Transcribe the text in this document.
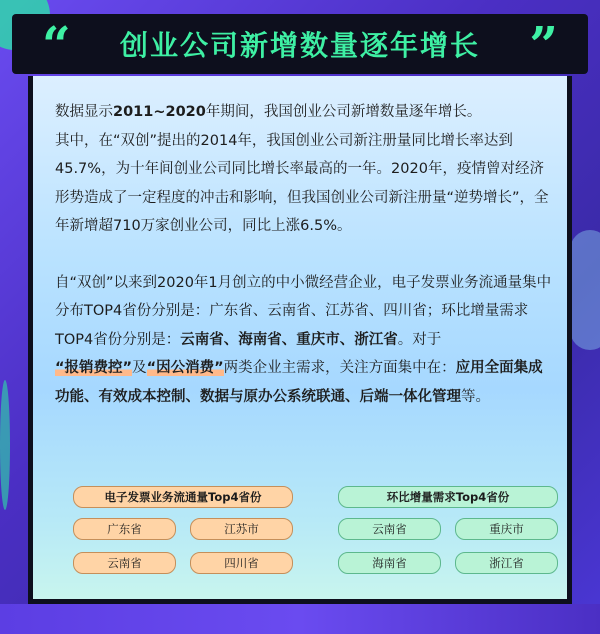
“ 创业公司新增数量逐年增长 ”

数据显示2011~2020年期间，我国创业公司新增数量逐年增长。
其中，在“双创”提出的2014年，我国创业公司新注册量同比增长率达到45.7%，为十年间创业公司同比增长率最高的一年。2020年，疫情曾对经济形势造成了一定程度的冲击和影响，但我国创业公司新注册量“逆势增长”，全年新增超710万家创业公司，同比上涨6.5%。

自“双创”以来到2020年1月创立的中小微经营企业，电子发票业务流通量集中分布TOP4省份分别是：广东省、云南省、江苏省、四川省；环比增量需求TOP4省份分别是：云南省、海南省、重庆市、浙江省。对于
“报销费控”及“因公消费”两类企业主需求，关注方面集中在：应用全面集成功能、有效成本控制、数据与原办公系统联通、后端一体化管理等。

电子发票业务流通量Top4省份
广东省	江苏市
云南省	四川省
环比增量需求Top4省份
云南省	重庆市
海南省	浙江省
